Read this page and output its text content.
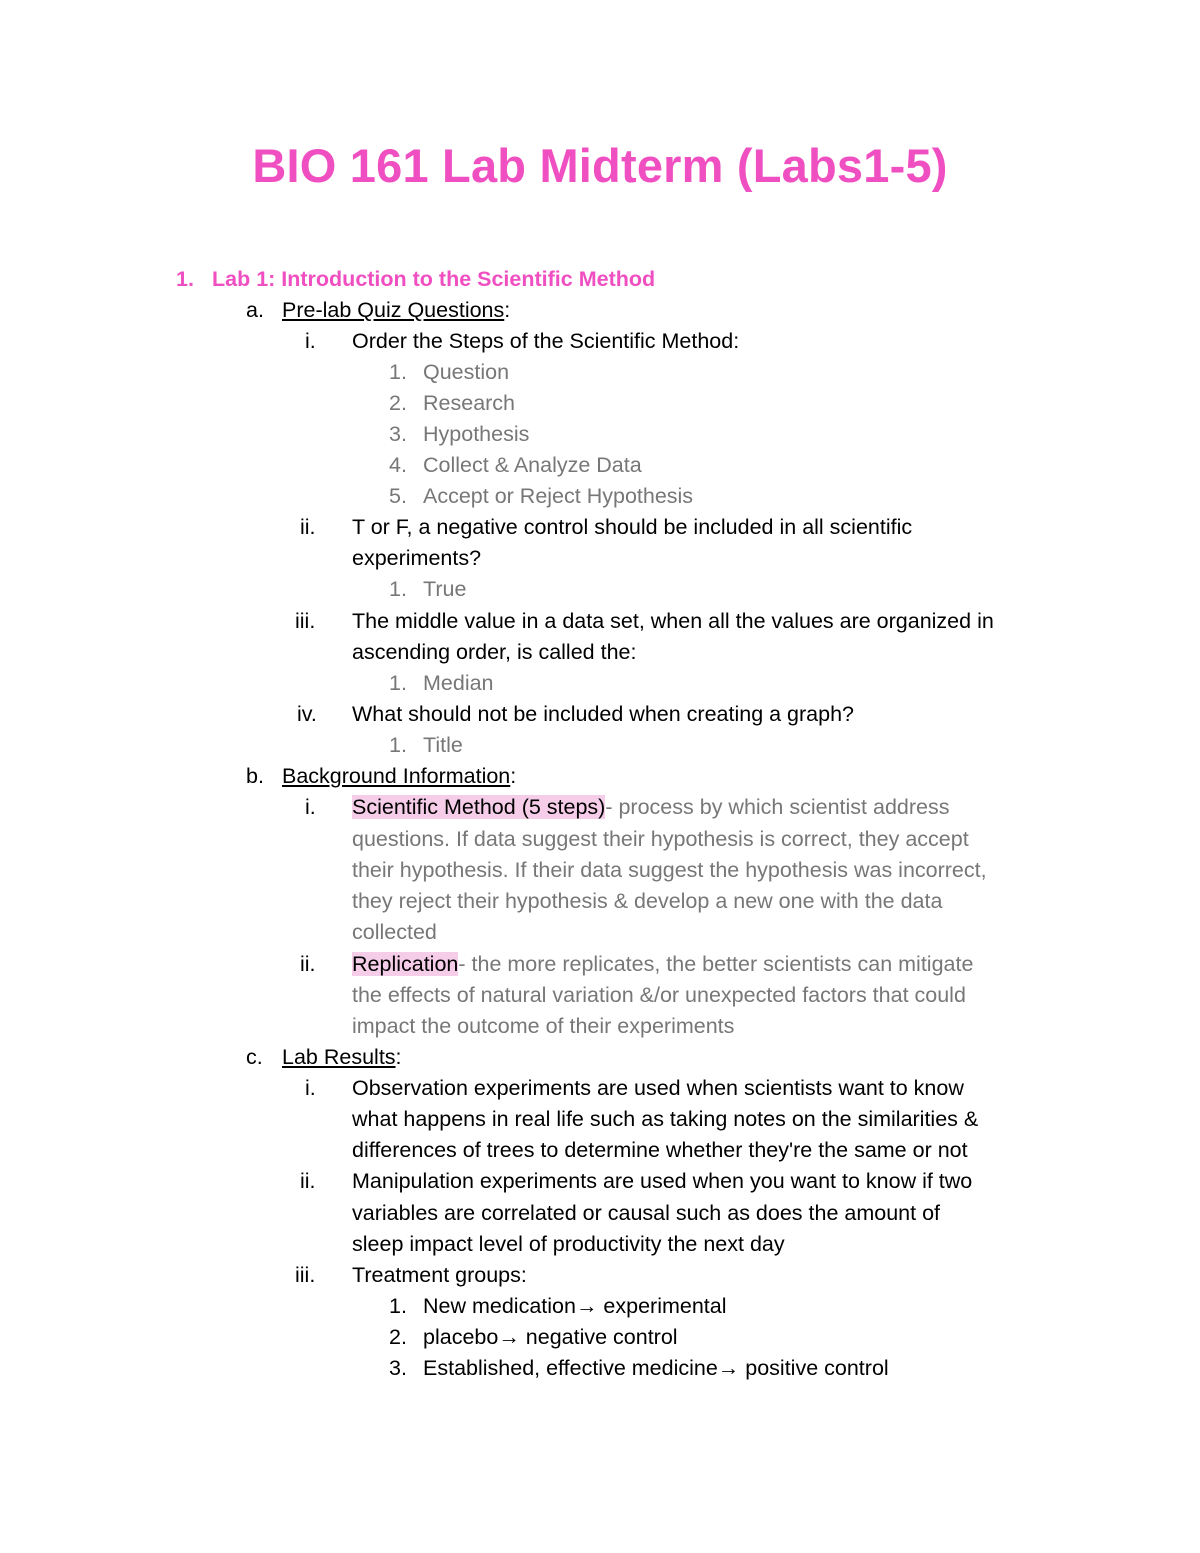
BIO 161 Lab Midterm (Labs1-5)
1. Lab 1: Introduction to the Scientific Method
a. Pre-lab Quiz Questions:
i. Order the Steps of the Scientific Method:
1. Question
2. Research
3. Hypothesis
4. Collect & Analyze Data
5. Accept or Reject Hypothesis
ii. T or F, a negative control should be included in all scientific
experiments?
1. True
iii. The middle value in a data set, when all the values are organized in
ascending order, is called the:
1. Median
iv. What should not be included when creating a graph?
1. Title
b. Background Information:
i. Scientific Method (5 steps)- process by which scientist address
questions. If data suggest their hypothesis is correct, they accept
their hypothesis. If their data suggest the hypothesis was incorrect,
they reject their hypothesis & develop a new one with the data
collected
ii. Replication- the more replicates, the better scientists can mitigate
the effects of natural variation &/or unexpected factors that could
impact the outcome of their experiments
c. Lab Results:
i. Observation experiments are used when scientists want to know
what happens in real life such as taking notes on the similarities &
differences of trees to determine whether they're the same or not
ii. Manipulation experiments are used when you want to know if two
variables are correlated or causal such as does the amount of
sleep impact level of productivity the next day
iii. Treatment groups:
1. New medication→ experimental
2. placebo→ negative control
3. Established, effective medicine→ positive control
